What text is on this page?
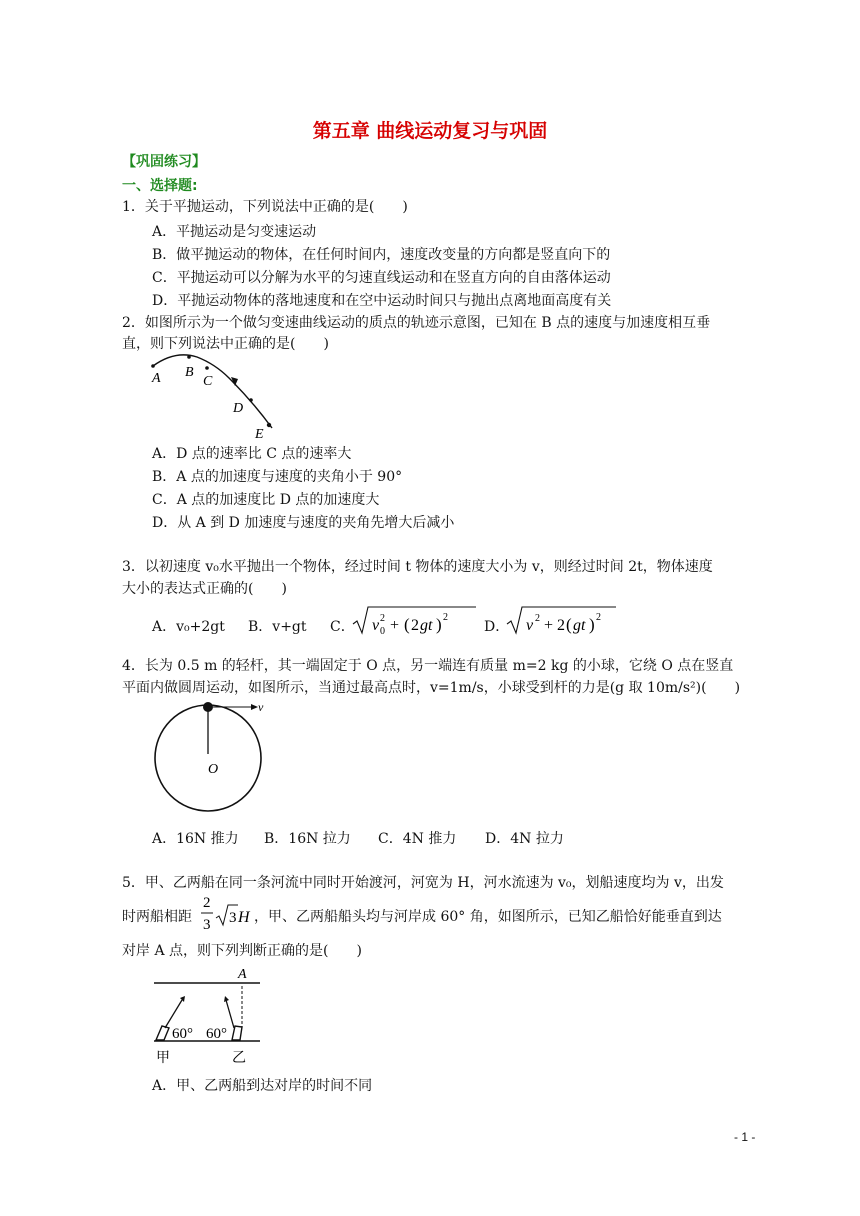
第五章 曲线运动复习与巩固
【巩固练习】
一、选择题:
1．关于平抛运动，下列说法中正确的是(　　)
A．平抛运动是匀变速运动
B．做平抛运动的物体，在任何时间内，速度改变量的方向都是竖直向下的
C．平抛运动可以分解为水平的匀速直线运动和在竖直方向的自由落体运动
D．平抛运动物体的落地速度和在空中运动时间只与抛出点离地面高度有关
2．如图所示为一个做匀变速曲线运动的质点的轨迹示意图，已知在 B 点的速度与加速度相互垂
直，则下列说法中正确的是(　　)
A B
C
D
E
A．D 点的速率比 C 点的速率大
B．A 点的加速度与速度的夹角小于 90°
C．A 点的加速度比 D 点的加速度大
D．从 A 到 D 加速度与速度的夹角先增大后减小
3．以初速度 v₀水平抛出一个物体，经过时间 t 物体的速度大小为 v，则经过时间 2t，物体速度
大小的表达式正确的(　　)
A．v₀+2gt B．v+gt C． v 0
2 + ( 2 gt ) 2
D． v 2 + 2 ( gt ) 2
4．长为 0.5 m 的轻杆，其一端固定于 O 点，另一端连有质量 m=2 kg 的小球，它绕 O 点在竖直
平面内做圆周运动，如图所示，当通过最高点时，v=1m/s，小球受到杆的力是(g 取 10m/s²)(　　)
v
O
A．16N 推力 B．16N 拉力 C．4N 推力 D．4N 拉力
5．甲、乙两船在同一条河流中同时开始渡河，河宽为 H，河水流速为 v₀，划船速度均为 v，出发
时两船相距
2
3 3 H ，甲、乙两船船头均与河岸成 60° 角，如图所示，已知乙船恰好能垂直到达
对岸 A 点，则下列判断正确的是(　　)
A
60° 60°
甲	乙
A．甲、乙两船到达对岸的时间不同
- 1 -
